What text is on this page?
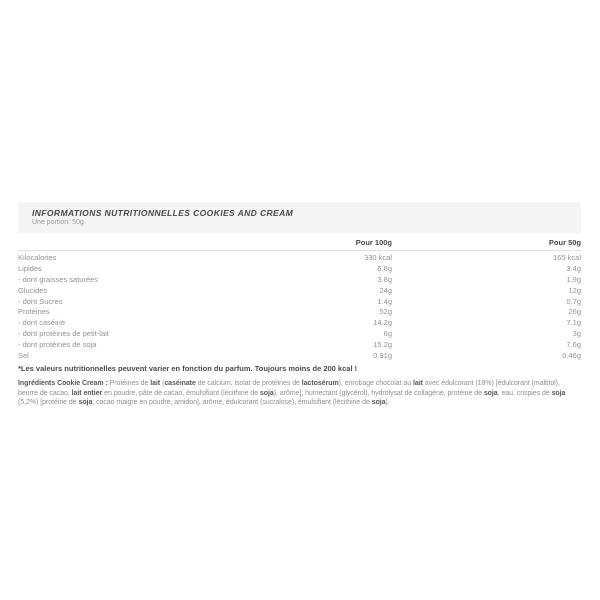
INFORMATIONS NUTRITIONNELLES COOKIES AND CREAM
Une portion: 50g
	Pour 100g	Pour 50g
Kilocalories	330 kcal	165 kcal
Lipides	6.8g	3.4g
- dont graisses saturées	3.8g	1.9g
Glucides	24g	12g
- dont Sucres	1.4g	0.7g
Protéines	52g	26g
- dont caséine	14.2g	7.1g
- dont protéines de petit-lait	6g	3g
- dont protéines de soja	15.2g	7.6g
Sel	0.91g	0.46g
*Les valeurs nutritionnelles peuvent varier en fonction du parfum. Toujours moins de 200 kcal !

Ingrédients Cookie Cream : Protéines de lait (caséinate de calcium, isolat de protéines de lactosérum), enrobage chocolat au lait avec édulcorant (18%) [édulcorant (maltitol), beurre de cacao, lait entier en poudre, pâte de cacao, émulsifiant (lécithine de soja), arôme], humectant (glycérol), hydrolysat de collagène, protéine de soja, eau, crispies de soja (5,2%) [protéine de soja, cacao maigre en poudre, amidon], arôme, édulcorant (sucralose), émulsifiant (lécithine de soja).
